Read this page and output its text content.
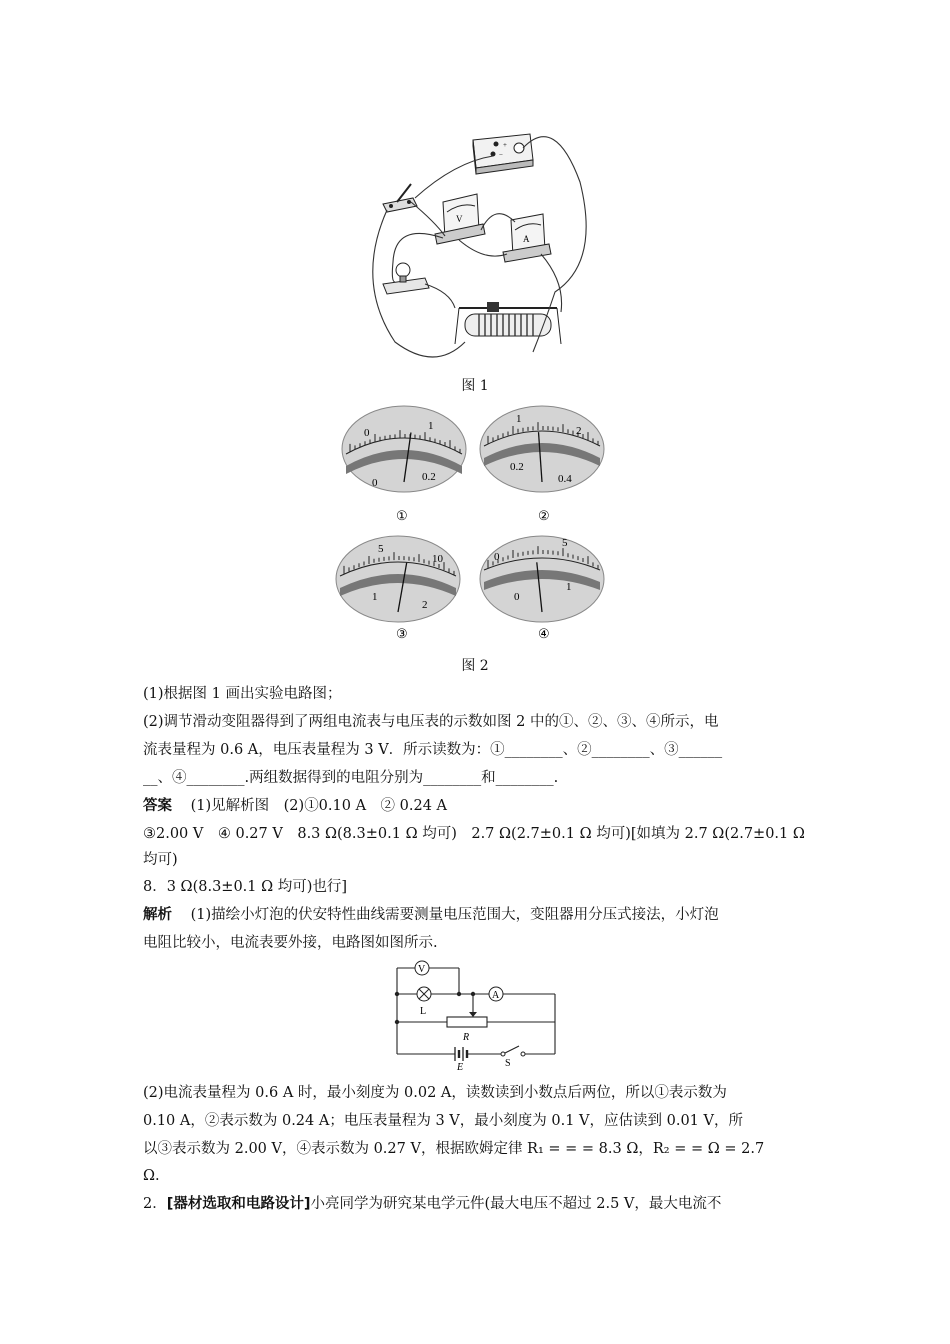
+
−
V
A
图 1
0
1
0	0.2
1
2
0.2
0.4
5
10
1
2
0
5
0
1
①	②
③	④
图 2
(1)根据图 1 画出实验电路图；
(2)调节滑动变阻器得到了两组电流表与电压表的示数如图 2 中的①、②、③、④所示，电
流表量程为 0.6 A，电压表量程为 3 V．所示读数为：①________、②________、③______
__、④________.两组数据得到的电阻分别为________和________.
答案 (1)见解析图　(2)①0.10 A　② 0.24 A
③2.00 V　④ 0.27 V　8.3 Ω(8.3±0.1 Ω 均可)　2.7 Ω(2.7±0.1 Ω 均可)[如填为 2.7 Ω(2.7±0.1 Ω
均可)
8．3 Ω(8.3±0.1 Ω 均可)也行]
解析 (1)描绘小灯泡的伏安特性曲线需要测量电压范围大，变阻器用分压式接法，小灯泡
电阻比较小，电流表要外接，电路图如图所示.
V
L
A
R
E	S
(2)电流表量程为 0.6 A 时，最小刻度为 0.02 A，读数读到小数点后两位，所以①表示数为
0.10 A，②表示数为 0.24 A；电压表量程为 3 V，最小刻度为 0.1 V，应估读到 0.01 V，所
以③表示数为 2.00 V，④表示数为 0.27 V，根据欧姆定律 R₁ = = = 8.3 Ω，R₂ = = Ω = 2.7
Ω.
2．[器材选取和电路设计]小亮同学为研究某电学元件(最大电压不超过 2.5 V，最大电流不
